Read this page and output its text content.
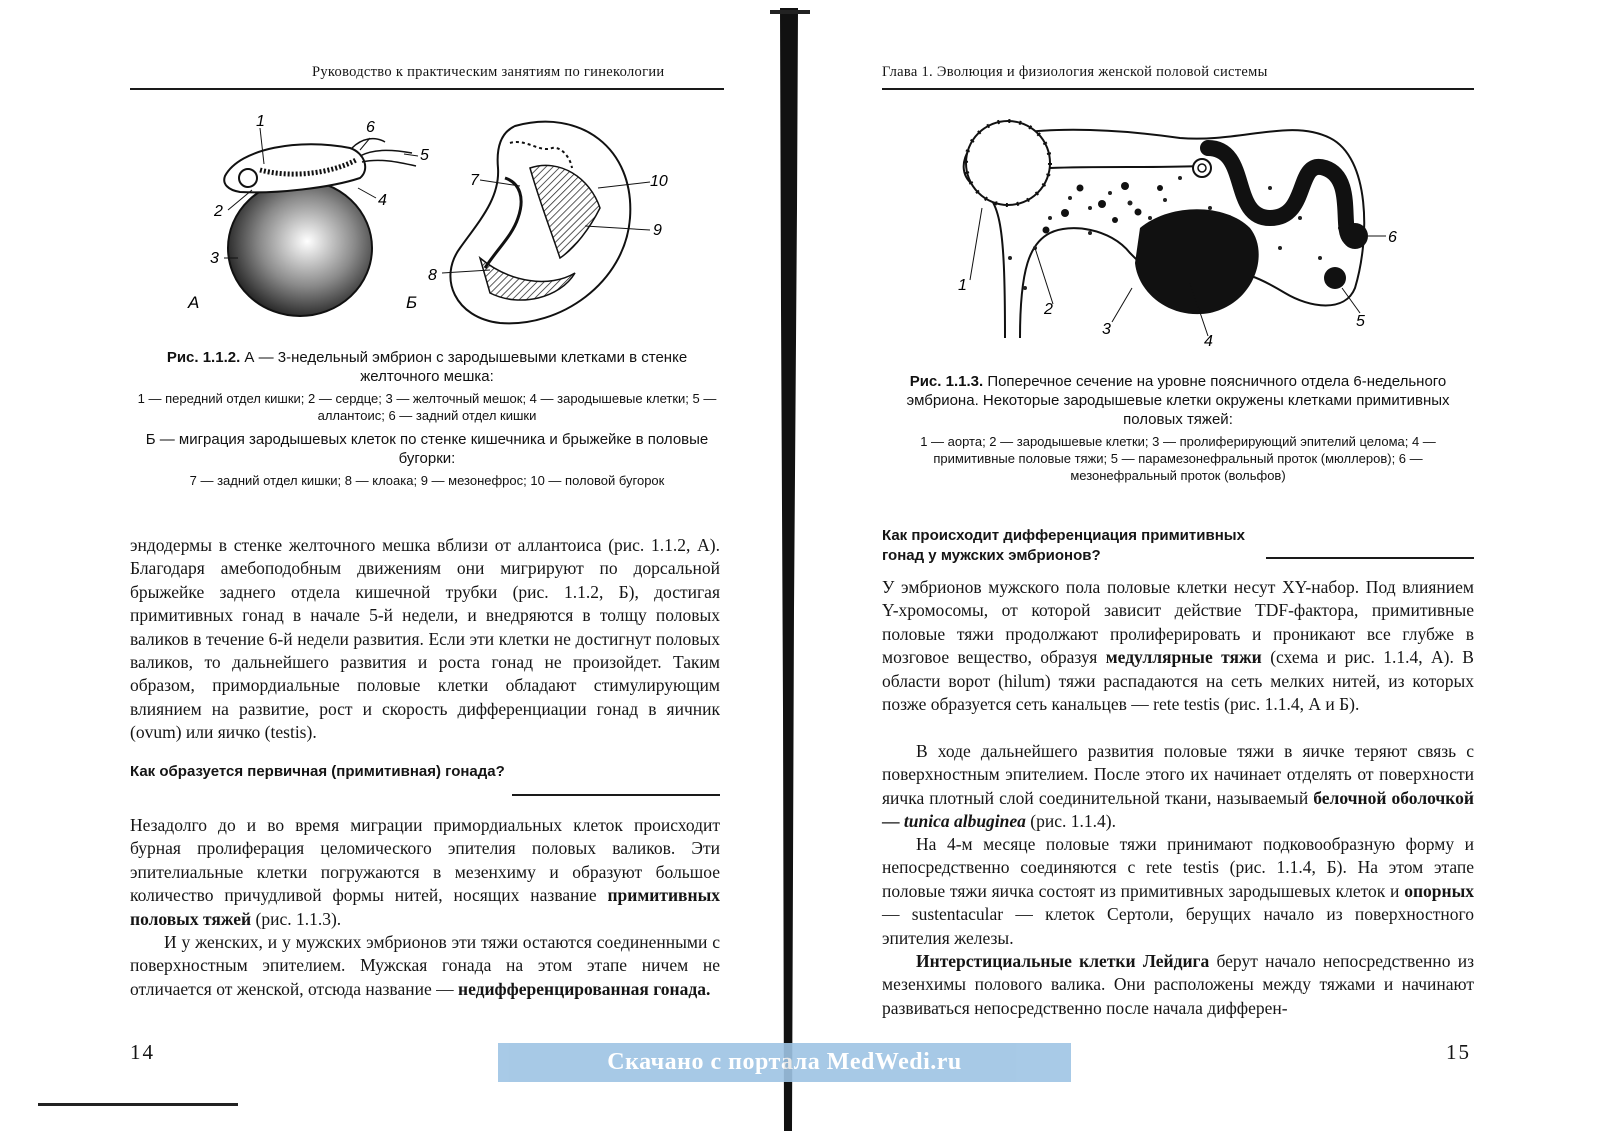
Руководство к практическим занятиям по гинекологии
1
2
3
4
5
6
7
8
9
10
А	Б

Рис. 1.1.2. А — 3-недельный эмбрион с зародышевыми клетками в стенке желточного мешка:

1 — передний отдел кишки; 2 — сердце; 3 — желточный мешок; 4 — зародышевые клетки; 5 — аллантоис; 6 — задний отдел кишки

Б — миграция зародышевых клеток по стенке кишечника и брыжейке в половые бугорки:

7 — задний отдел кишки; 8 — клоака; 9 — мезонефрос; 10 — половой бугорок

эндодермы в стенке желточного мешка вблизи от аллантоиса (рис. 1.1.2, А). Благодаря амебоподобным движениям они мигрируют по дорсальной брыжейке заднего отдела кишечной трубки (рис. 1.1.2, Б), достигая примитивных гонад в начале 5-й недели, и внедряются в толщу половых валиков в течение 6-й недели развития. Если эти клетки не достигнут половых валиков, то дальнейшего развития и роста гонад не произойдет. Таким образом, примордиальные половые клетки обладают стимулирующим влиянием на развитие, рост и скорость дифференциации гонад в яичник (ovum) или яичко (testis).

Как образуется первичная (примитивная) гонада?

Незадолго до и во время миграции примордиальных клеток происходит бурная пролиферация целомического эпителия половых валиков. Эти эпителиальные клетки погружаются в мезенхиму и образуют большое количество причудливой формы нитей, носящих название примитивных половых тяжей (рис. 1.1.3).

И у женских, и у мужских эмбрионов эти тяжи остаются соединенными с поверхностным эпителием. Мужская гонада на этом этапе ничем не отличается от женской, отсюда название — недифференцированная гонада.

14
Глава 1. Эволюция и физиология женской половой системы
1
2
3
4
5
6

Рис. 1.1.3. Поперечное сечение на уровне поясничного отдела 6-недельного эмбриона. Некоторые зародышевые клетки окружены клетками примитивных половых тяжей:

1 — аорта; 2 — зародышевые клетки; 3 — пролиферирующий эпителий целома; 4 — примитивные половые тяжи; 5 — парамезонефральный проток (мюллеров); 6 — мезонефральный проток (вольфов)

Как происходит дифференциация примитивных гонад у мужских эмбрионов?

У эмбрионов мужского пола половые клетки несут XY-набор. Под влиянием Y-хромосомы, от которой зависит действие TDF-фактора, примитивные половые тяжи продолжают пролиферировать и проникают все глубже в мозговое вещество, образуя медуллярные тяжи (схема и рис. 1.1.4, А). В области ворот (hilum) тяжи распадаются на сеть мелких нитей, из которых позже образуется сеть канальцев — rete testis (рис. 1.1.4, А и Б).

В ходе дальнейшего развития половые тяжи в яичке теряют связь с поверхностным эпителием. После этого их начинает отделять от поверхности яичка плотный слой соединительной ткани, называемый белочной оболочкой — tunica albuginea (рис. 1.1.4).

На 4-м месяце половые тяжи принимают подковообразную форму и непосредственно соединяются с rete testis (рис. 1.1.4, Б). На этом этапе половые тяжи яичка состоят из примитивных зародышевых клеток и опорных — sustentacular — клеток Сертоли, берущих начало из поверхностного эпителия железы.

Интерстициальные клетки Лейдига берут начало непосредственно из мезенхимы полового валика. Они расположены между тяжами и начинают развиваться непосредственно после начала дифферен-

15
Скачано с портала MedWedi.ru
